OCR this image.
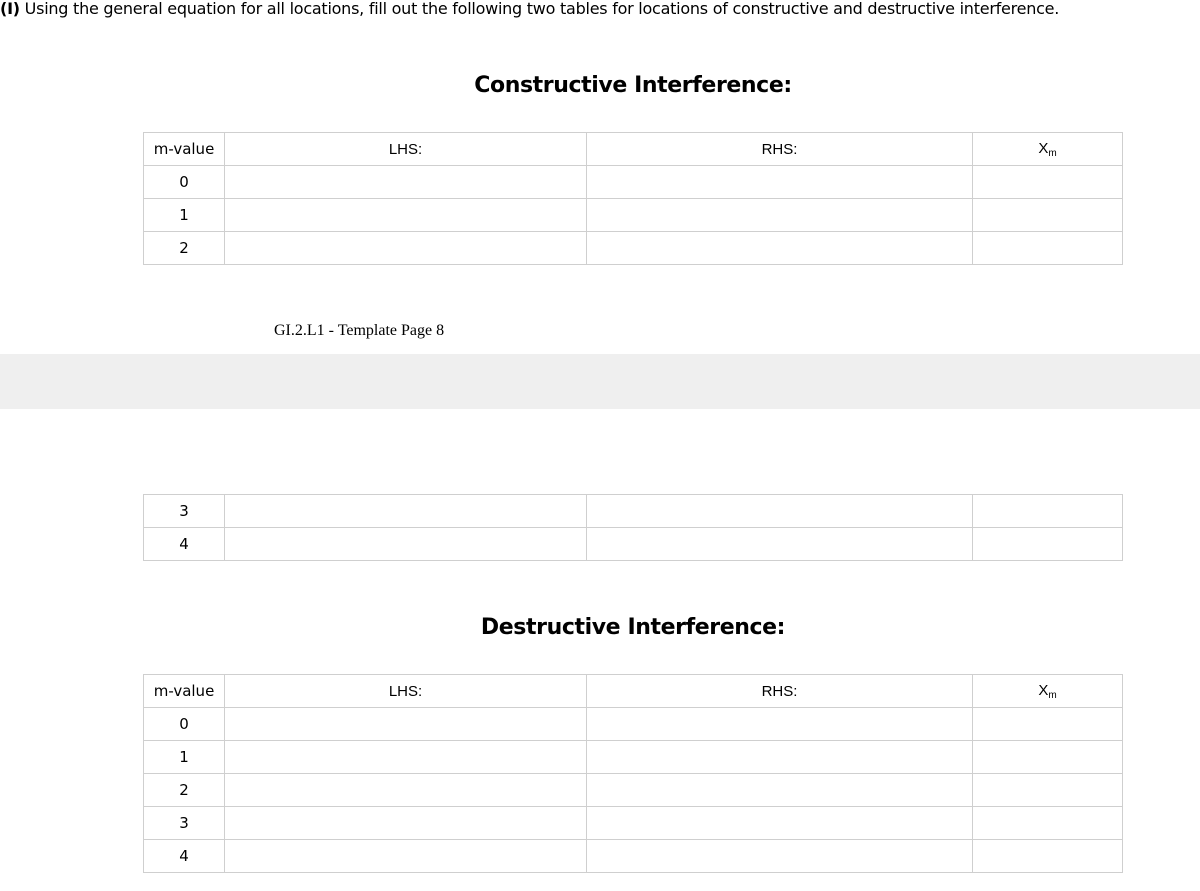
(I) Using the general equation for all locations, fill out the following two tables for locations of constructive and destructive interference.
Constructive Interference:
m-value	LHS:	RHS:	$X_m$
0			
1			
2			
GI.2.L1 - Template Page 8
3			
4			
Destructive Interference:
m-value	LHS:	RHS:	$X_m$
0			
1			
2			
3			
4			
